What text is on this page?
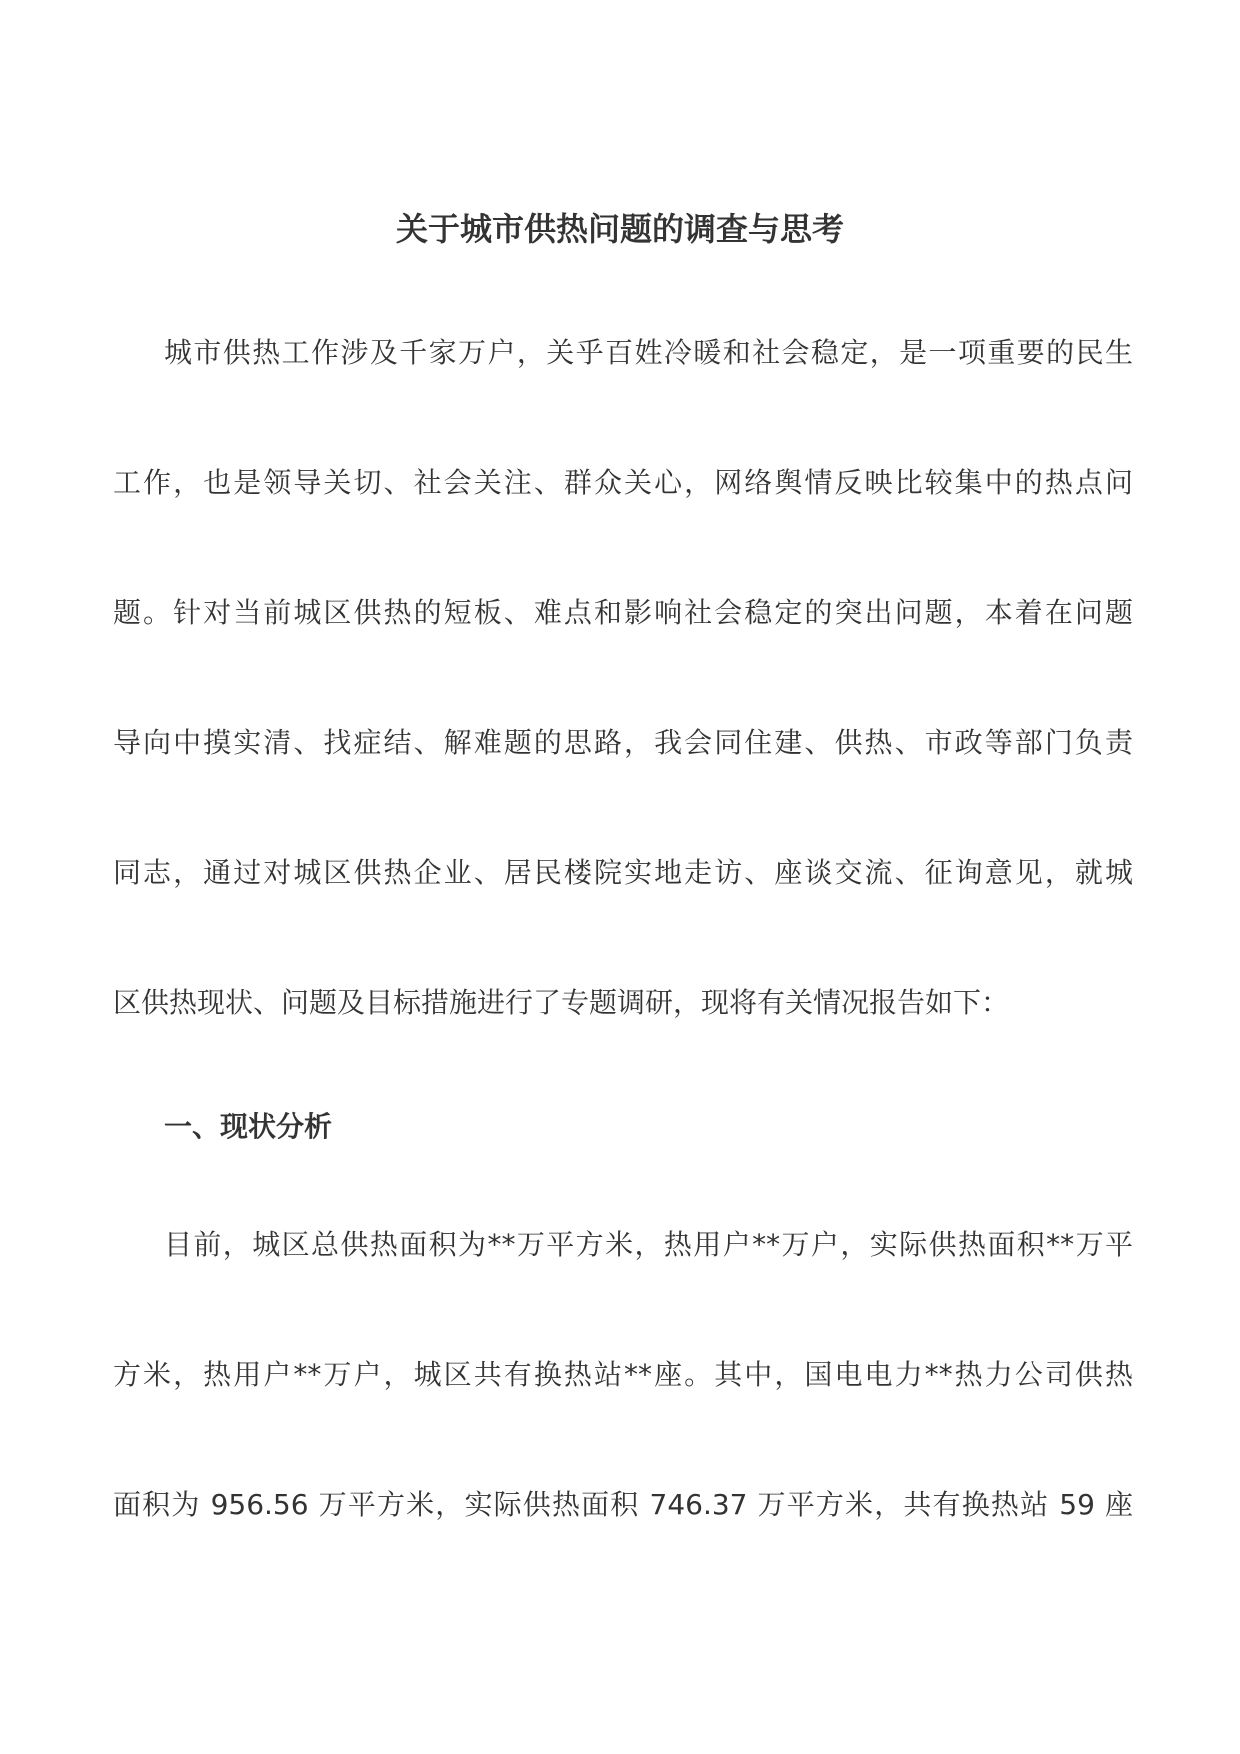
关于城市供热问题的调查与思考
城市供热工作涉及千家万户，关乎百姓冷暖和社会稳定，是一项重要的民生
工作，也是领导关切、社会关注、群众关心，网络舆情反映比较集中的热点问
题。针对当前城区供热的短板、难点和影响社会稳定的突出问题，本着在问题
导向中摸实清、找症结、解难题的思路，我会同住建、供热、市政等部门负责
同志，通过对城区供热企业、居民楼院实地走访、座谈交流、征询意见，就城
区供热现状、问题及目标措施进行了专题调研，现将有关情况报告如下：
一、现状分析
目前，城区总供热面积为**万平方米，热用户**万户，实际供热面积**万平
方米，热用户**万户，城区共有换热站**座。其中，国电电力**热力公司供热
面积为 956.56 万平方米，实际供热面积 746.37 万平方米，共有换热站 59 座
